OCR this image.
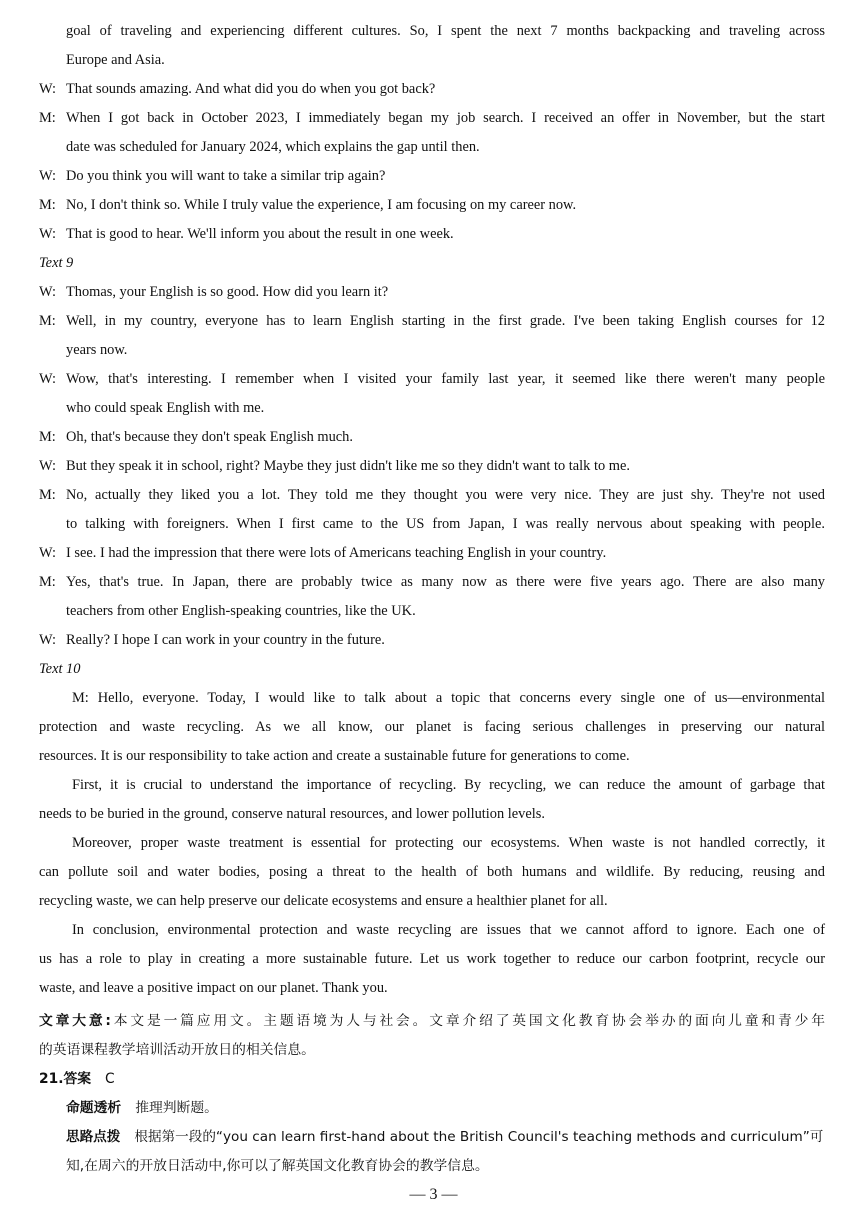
goal of traveling and experiencing different cultures. So, I spent the next 7 months backpacking and traveling across
Europe and Asia.
W: That sounds amazing. And what did you do when you got back?
M: When I got back in October 2023, I immediately began my job search. I received an offer in November, but the start
date was scheduled for January 2024, which explains the gap until then.
W: Do you think you will want to take a similar trip again?
M: No, I don't think so. While I truly value the experience, I am focusing on my career now.
W: That is good to hear. We'll inform you about the result in one week.
Text 9
W: Thomas, your English is so good. How did you learn it?
M: Well, in my country, everyone has to learn English starting in the first grade. I've been taking English courses for 12
years now.
W: Wow, that's interesting. I remember when I visited your family last year, it seemed like there weren't many people
who could speak English with me.
M: Oh, that's because they don't speak English much.
W: But they speak it in school, right? Maybe they just didn't like me so they didn't want to talk to me.
M: No, actually they liked you a lot. They told me they thought you were very nice. They are just shy. They're not used
to talking with foreigners. When I first came to the US from Japan, I was really nervous about speaking with people.
W: I see. I had the impression that there were lots of Americans teaching English in your country.
M: Yes, that's true. In Japan, there are probably twice as many now as there were five years ago. There are also many
teachers from other English-speaking countries, like the UK.
W: Really? I hope I can work in your country in the future.
Text 10
M: Hello, everyone. Today, I would like to talk about a topic that concerns every single one of us—environmental
protection and waste recycling. As we all know, our planet is facing serious challenges in preserving our natural
resources. It is our responsibility to take action and create a sustainable future for generations to come.
First, it is crucial to understand the importance of recycling. By recycling, we can reduce the amount of garbage that
needs to be buried in the ground, conserve natural resources, and lower pollution levels.
Moreover, proper waste treatment is essential for protecting our ecosystems. When waste is not handled correctly, it
can pollute soil and water bodies, posing a threat to the health of both humans and wildlife. By reducing, reusing and
recycling waste, we can help preserve our delicate ecosystems and ensure a healthier planet for all.
In conclusion, environmental protection and waste recycling are issues that we cannot afford to ignore. Each one of
us has a role to play in creating a more sustainable future. Let us work together to reduce our carbon footprint, recycle our
waste, and leave a positive impact on our planet. Thank you.
文章大意:本文是一篇应用文。主题语境为人与社会。文章介绍了英国文化教育协会举办的面向儿童和青少年
的英语课程教学培训活动开放日的相关信息。
21.答案 C
命题透析 推理判断题。
思路点拨 根据第一段的“you can learn first-hand about the British Council's teaching methods and curriculum”可
知,在周六的开放日活动中,你可以了解英国文化教育协会的教学信息。
— 3 —
